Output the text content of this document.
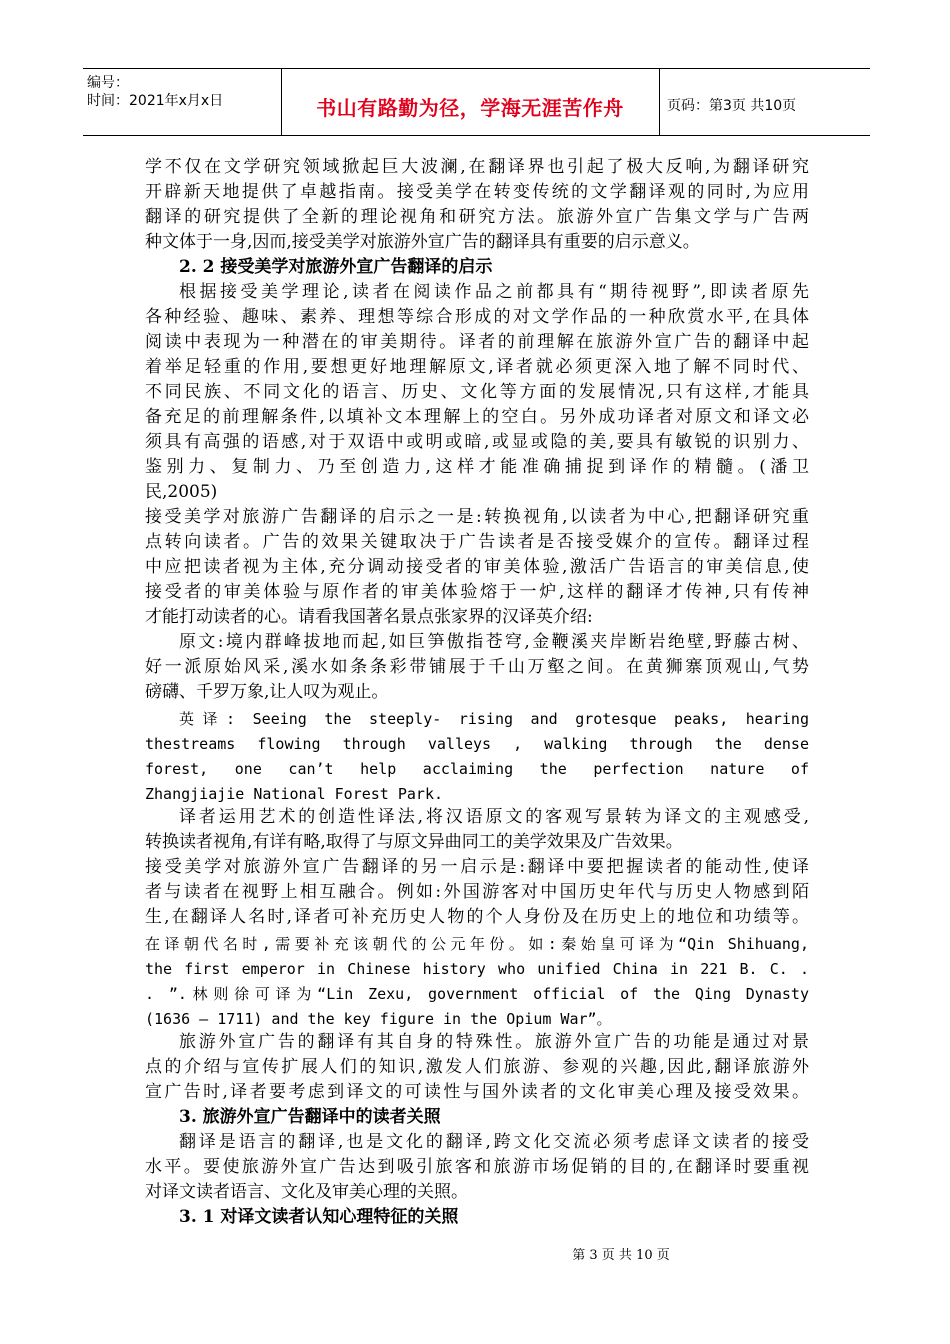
编号：
时间：2021年x月x日	书山有路勤为径，学海无涯苦作舟	页码：第3页 共10页
学不仅在文学研究领域掀起巨大波澜,在翻译界也引起了极大反响,为翻译研究
开辟新天地提供了卓越指南。接受美学在转变传统的文学翻译观的同时,为应用
翻译的研究提供了全新的理论视角和研究方法。旅游外宣广告集文学与广告两
种文体于一身,因而,接受美学对旅游外宣广告的翻译具有重要的启示意义。
2. 2 接受美学对旅游外宣广告翻译的启示
根据接受美学理论,读者在阅读作品之前都具有“期待视野”,即读者原先
各种经验、趣味、素养、理想等综合形成的对文学作品的一种欣赏水平,在具体
阅读中表现为一种潜在的审美期待。译者的前理解在旅游外宣广告的翻译中起
着举足轻重的作用,要想更好地理解原文,译者就必须更深入地了解不同时代、
不同民族、不同文化的语言、历史、文化等方面的发展情况,只有这样,才能具
备充足的前理解条件,以填补文本理解上的空白。另外成功译者对原文和译文必
须具有高强的语感,对于双语中或明或暗,或显或隐的美,要具有敏锐的识别力、
鉴别力、复制力、乃至创造力,这样才能准确捕捉到译作的精髓。(潘卫
民,2005)
接受美学对旅游广告翻译的启示之一是:转换视角,以读者为中心,把翻译研究重
点转向读者。广告的效果关键取决于广告读者是否接受媒介的宣传。翻译过程
中应把读者视为主体,充分调动接受者的审美体验,激活广告语言的审美信息,使
接受者的审美体验与原作者的审美体验熔于一炉,这样的翻译才传神,只有传神
才能打动读者的心。请看我国著名景点张家界的汉译英介绍:
原文:境内群峰拔地而起,如巨笋傲指苍穹,金鞭溪夹岸断岩绝壁,野藤古树、
好一派原始风采,溪水如条条彩带铺展于千山万壑之间。在黄狮寨顶观山,气势
磅礴、千罗万象,让人叹为观止。
英译: Seeing the steeply- rising and grotesque peaks, hearing
thestreams flowing through valleys , walking through the dense
forest, one can’t help acclaiming the perfection nature of
Zhangjiajie National Forest Park.
译者运用艺术的创造性译法,将汉语原文的客观写景转为译文的主观感受,
转换读者视角,有详有略,取得了与原文异曲同工的美学效果及广告效果。
接受美学对旅游外宣广告翻译的另一启示是:翻译中要把握读者的能动性,使译
者与读者在视野上相互融合。例如:外国游客对中国历史年代与历史人物感到陌
生,在翻译人名时,译者可补充历史人物的个人身份及在历史上的地位和功绩等。
在译朝代名时,需要补充该朝代的公元年份。如:秦始皇可译为“Qin Shihuang,
the first emperor in Chinese history who unified China in 221 B. C. .
. ”.林则徐可译为“Lin Zexu, government official of the Qing Dynasty
(1636 – 1711) and the key figure in the Opium War”。
旅游外宣广告的翻译有其自身的特殊性。旅游外宣广告的功能是通过对景
点的介绍与宣传扩展人们的知识,激发人们旅游、参观的兴趣,因此,翻译旅游外
宣广告时,译者要考虑到译文的可读性与国外读者的文化审美心理及接受效果。
3. 旅游外宣广告翻译中的读者关照
翻译是语言的翻译,也是文化的翻译,跨文化交流必须考虑译文读者的接受
水平。要使旅游外宣广告达到吸引旅客和旅游市场促销的目的,在翻译时要重视
对译文读者语言、文化及审美心理的关照。
3. 1 对译文读者认知心理特征的关照
第 3 页 共 10 页
